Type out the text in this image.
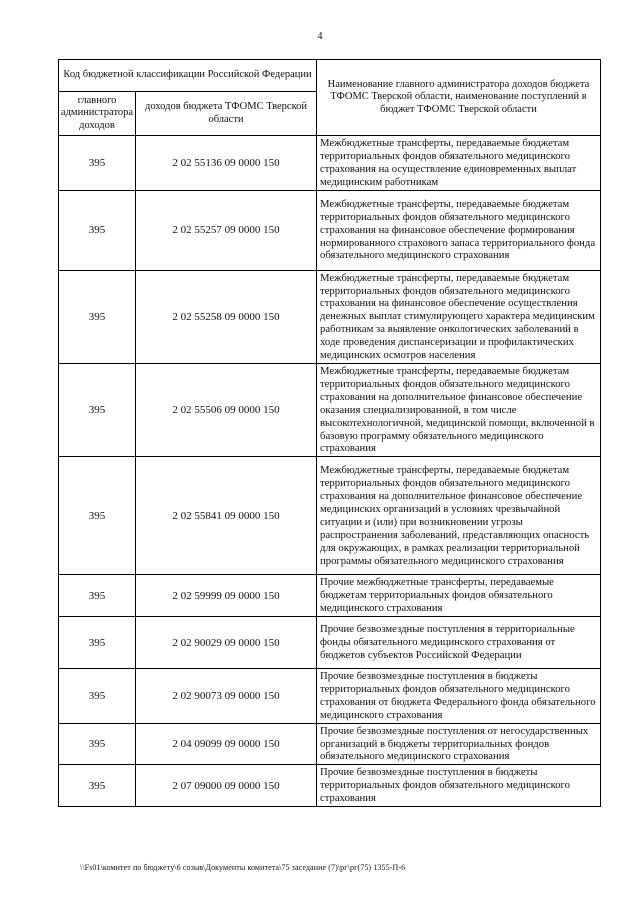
4
Код бюджетной классификации Российской Федерации		Наименование главного администратора доходов бюджета ТФОМС Тверской области, наименование поступлений в бюджет ТФОМС Тверской области
главного администратора доходов	доходов бюджета ТФОМС Тверской области	
395	2 02 55136 09 0000 150	Межбюджетные трансферты, передаваемые бюджетам территориальных фондов обязательного медицинского страхования на осуществление единовременных выплат медицинским работникам
395	2 02 55257 09 0000 150	Межбюджетные трансферты, передаваемые бюджетам территориальных фондов обязательного медицинского страхования на финансовое обеспечение формирования нормированного страхового запаса территориального фонда обязательного медицинского страхования
395	2 02 55258 09 0000 150	Межбюджетные трансферты, передаваемые бюджетам территориальных фондов обязательного медицинского страхования на финансовое обеспечение осуществления денежных выплат стимулирующего характера медицинским работникам за выявление онкологических заболеваний в ходе проведения диспансеризации и профилактических медицинских осмотров населения
395	2 02 55506 09 0000 150	Межбюджетные трансферты, передаваемые бюджетам территориальных фондов обязательного медицинского страхования на дополнительное финансовое обеспечение оказания специализированной, в том числе высокотехнологичной, медицинской помощи, включенной в базовую программу обязательного медицинского страхования
395	2 02 55841 09 0000 150	Межбюджетные трансферты, передаваемые бюджетам территориальных фондов обязательного медицинского страхования на дополнительное финансовое обеспечение медицинских организаций в условиях чрезвычайной ситуации и (или) при возникновении угрозы распространения заболеваний, представляющих опасность для окружающих, в рамках реализации территориальной программы обязательного медицинского страхования
395	2 02 59999 09 0000 150	Прочие межбюджетные трансферты, передаваемые бюджетам территориальных фондов обязательного медицинского страхования
395	2 02 90029 09 0000 150	Прочие безвозмездные поступления в территориальные фонды обязательного медицинского страхования от бюджетов субъектов Российской Федерации
395	2 02 90073 09 0000 150	Прочие безвозмездные поступления в бюджеты территориальных фондов обязательного медицинского страхования от бюджета Федерального фонда обязательного медицинского страхования
395	2 04 09099 09 0000 150	Прочие безвозмездные поступления от негосударственных организаций в бюджеты территориальных фондов обязательного медицинского страхования
395	2 07 09000 09 0000 150	Прочие безвозмездные поступления в бюджеты территориальных фондов обязательного медицинского страхования
\\Fs01\комитет по бюджету\6 созыв\Документы комитета\75 заседание (7)\рг\рг(75) 1355-П-6
